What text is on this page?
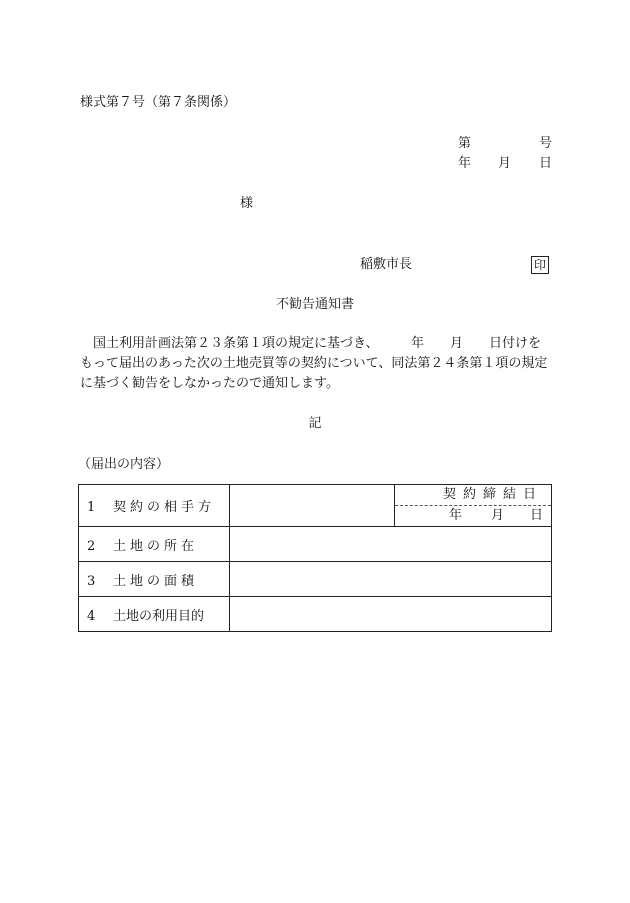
様式第７号（第７条関係）
第	号
年 月 日
様
稲敷市長	印
不勧告通知書

　国土利用計画法第２３条第１項の規定に基づき、　　　年　　月　　日付けをもって届出のあった次の土地売買等の契約について、同法第２４条第１項の規定に基づく勧告をしなかったので通知します。

記
（届出の内容）
1 契約の相手方		契約締結日
年 月 日

2 土地の所在		
3 土地の面積		
4 土地の利用目的		
